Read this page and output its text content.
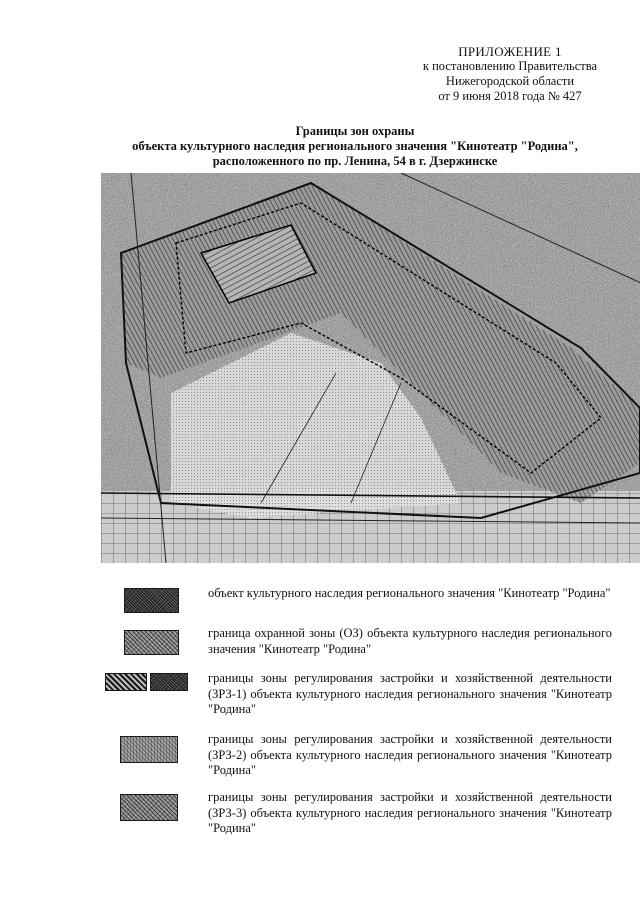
ПРИЛОЖЕНИЕ 1
к постановлению Правительства
Нижегородской области
от 9 июня 2018 года № 427
Границы зон охраны
объекта культурного наследия регионального значения "Кинотеатр "Родина",
расположенного по пр. Ленина, 54 в г. Дзержинске
объект культурного наследия регионального значения "Кинотеатр "Родина"
граница охранной зоны (ОЗ) объекта культурного наследия регионального значения "Кинотеатр "Родина"
границы зоны регулирования застройки и хозяйственной деятельности (ЗРЗ-1) объекта культурного наследия регионального значения "Кинотеатр "Родина"
границы зоны регулирования застройки и хозяйственной деятельности (ЗРЗ-2) объекта культурного наследия регионального значения "Кинотеатр "Родина"
границы зоны регулирования застройки и хозяйственной деятельности (ЗРЗ-3) объекта культурного наследия регионального значения "Кинотеатр "Родина"
